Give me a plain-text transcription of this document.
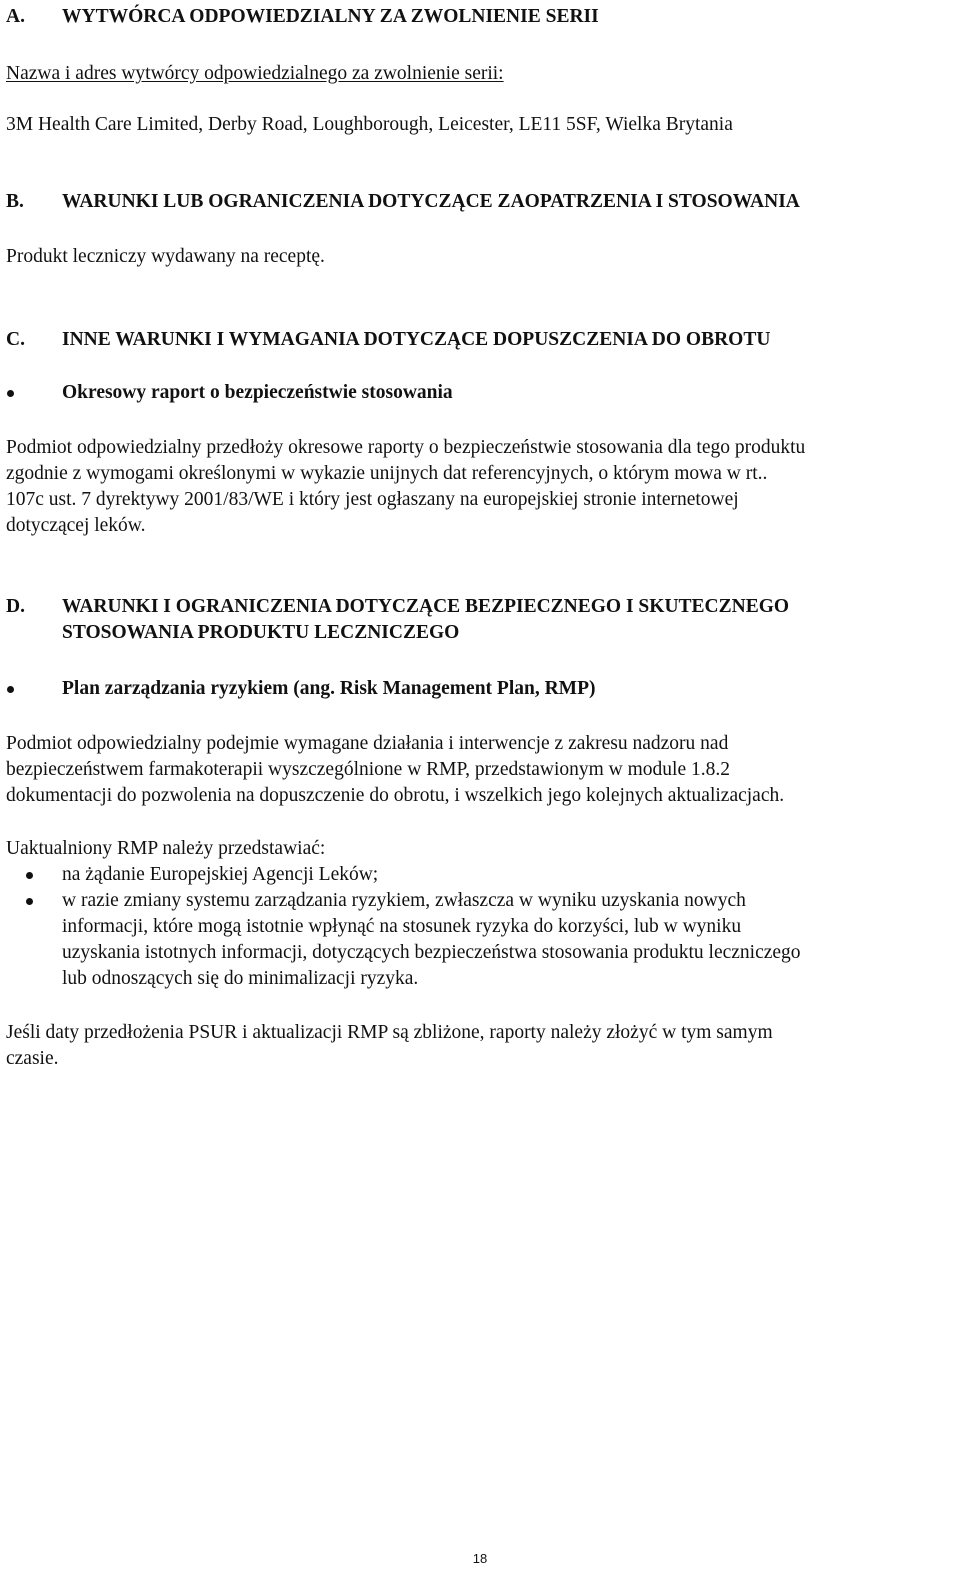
A. WYTWÓRCA ODPOWIEDZIALNY ZA ZWOLNIENIE SERII
Nazwa i adres wytwórcy odpowiedzialnego za zwolnienie serii:
3M Health Care Limited, Derby Road, Loughborough, Leicester, LE11 5SF, Wielka Brytania
B. WARUNKI LUB OGRANICZENIA DOTYCZĄCE ZAOPATRZENIA I STOSOWANIA
Produkt leczniczy wydawany na receptę.
C. INNE WARUNKI I WYMAGANIA DOTYCZĄCE DOPUSZCZENIA DO OBROTU
Okresowy raport o bezpieczeństwie stosowania
Podmiot odpowiedzialny przedłoży okresowe raporty o bezpieczeństwie stosowania dla tego produktu
zgodnie z wymogami określonymi w wykazie unijnych dat referencyjnych, o którym mowa w rt..
107c ust. 7 dyrektywy 2001/83/WE i który jest ogłaszany na europejskiej stronie internetowej
dotyczącej leków.
D. WARUNKI I OGRANICZENIA DOTYCZĄCE BEZPIECZNEGO I SKUTECZNEGO
STOSOWANIA PRODUKTU LECZNICZEGO
Plan zarządzania ryzykiem (ang. Risk Management Plan, RMP)
Podmiot odpowiedzialny podejmie wymagane działania i interwencje z zakresu nadzoru nad
bezpieczeństwem farmakoterapii wyszczególnione w RMP, przedstawionym w module 1.8.2
dokumentacji do pozwolenia na dopuszczenie do obrotu, i wszelkich jego kolejnych aktualizacjach.
Uaktualniony RMP należy przedstawiać:
na żądanie Europejskiej Agencji Leków;
w razie zmiany systemu zarządzania ryzykiem, zwłaszcza w wyniku uzyskania nowych
informacji, które mogą istotnie wpłynąć na stosunek ryzyka do korzyści, lub w wyniku
uzyskania istotnych informacji, dotyczących bezpieczeństwa stosowania produktu leczniczego
lub odnoszących się do minimalizacji ryzyka.
Jeśli daty przedłożenia PSUR i aktualizacji RMP są zbliżone, raporty należy złożyć w tym samym
czasie.
18
